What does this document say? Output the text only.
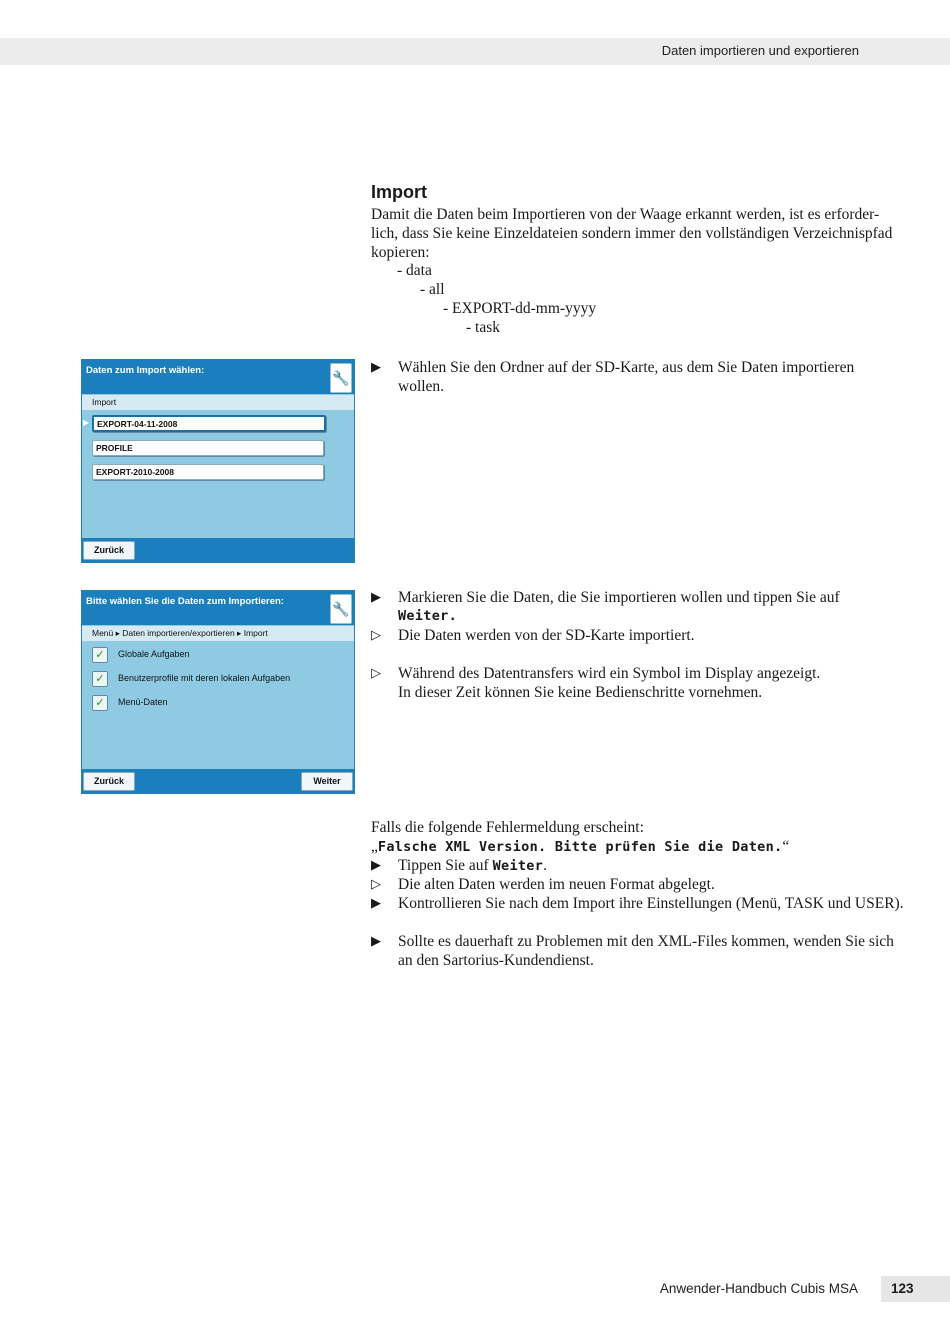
Daten importieren und exportieren
Import
Damit die Daten beim Importieren von der Waage erkannt werden, ist es erforder-
lich, dass Sie keine Einzeldateien sondern immer den vollständigen Verzeichnispfad
kopieren:
- data
- all
- EXPORT-dd-mm-yyyy
- task
Daten zum Import wählen:	🔧
Import
▶ EXPORT-04-11-2008
PROFILE
EXPORT-2010-2008
Zurück
▶	Wählen Sie den Ordner auf der SD-Karte, aus dem Sie Daten importieren
wollen.
Bitte wählen Sie die Daten zum Importieren:	🔧
Menü ▸ Daten importieren/exportieren ▸ Import
✓	Globale Aufgaben
✓	Benutzerprofile mit deren lokalen Aufgaben
✓	Menü-Daten
Zurück	Weiter
▶	Markieren Sie die Daten, die Sie importieren wollen und tippen Sie auf
Weiter.
▷	Die Daten werden von der SD-Karte importiert.
▷	Während des Datentransfers wird ein Symbol im Display angezeigt.
In dieser Zeit können Sie keine Bedienschritte vornehmen.
Falls die folgende Fehlermeldung erscheint:
„Falsche XML Version. Bitte prüfen Sie die Daten.“
▶	Tippen Sie auf Weiter.
▷	Die alten Daten werden im neuen Format abgelegt.
▶	Kontrollieren Sie nach dem Import ihre Einstellungen (Menü, TASK und USER).
▶	Sollte es dauerhaft zu Problemen mit den XML-Files kommen, wenden Sie sich
an den Sartorius-Kundendienst.
Anwender-Handbuch Cubis MSA	123
